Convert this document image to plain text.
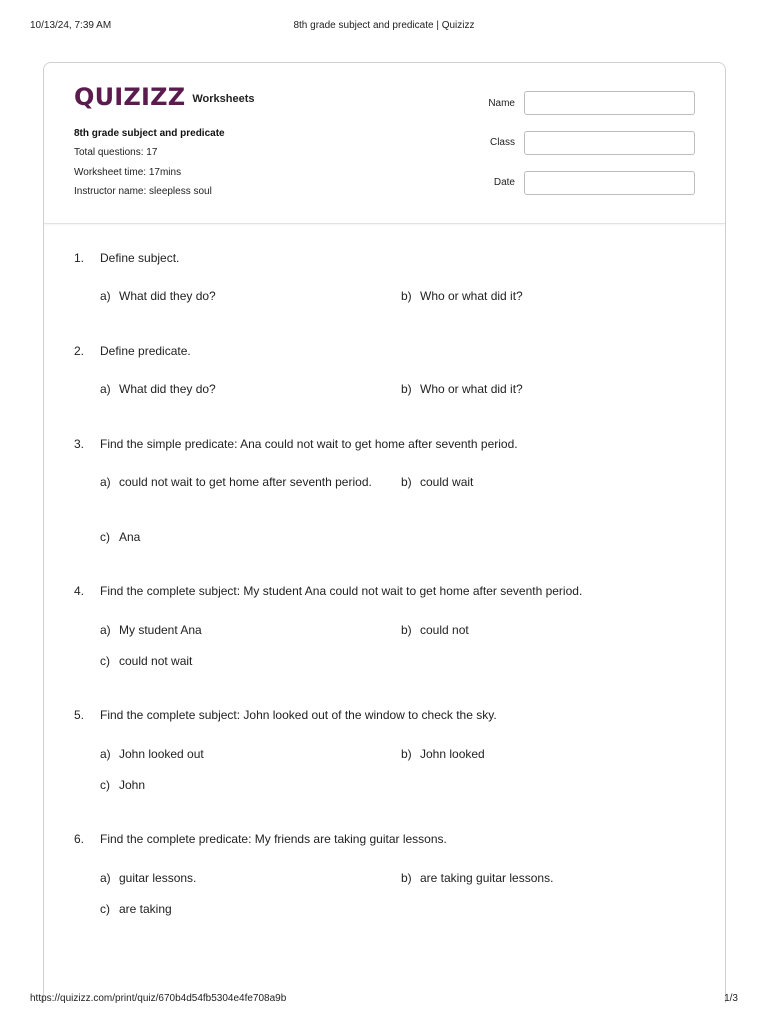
10/13/24, 7:39 AM	8th grade subject and predicate | Quizizz
QUIZIZZ Worksheets
8th grade subject and predicate
Total questions: 17
Worksheet time: 17mins
Instructor name: sleepless soul
Name
Class
Date
1. Define subject.
a) What did they do?	b) Who or what did it?
2. Define predicate.
a) What did they do?	b) Who or what did it?
3. Find the simple predicate: Ana could not wait to get home after seventh period.
a) could not wait to get home after seventh period. b) could wait
c) Ana
4. Find the complete subject: My student Ana could not wait to get home after seventh period.
a) My student Ana	b) could not
c) could not wait
5. Find the complete subject: John looked out of the window to check the sky.
a) John looked out	b) John looked
c) John
6. Find the complete predicate: My friends are taking guitar lessons.
a) guitar lessons.	b) are taking guitar lessons.
c) are taking
https://quizizz.com/print/quiz/670b4d54fb5304e4fe708a9b	1/3
